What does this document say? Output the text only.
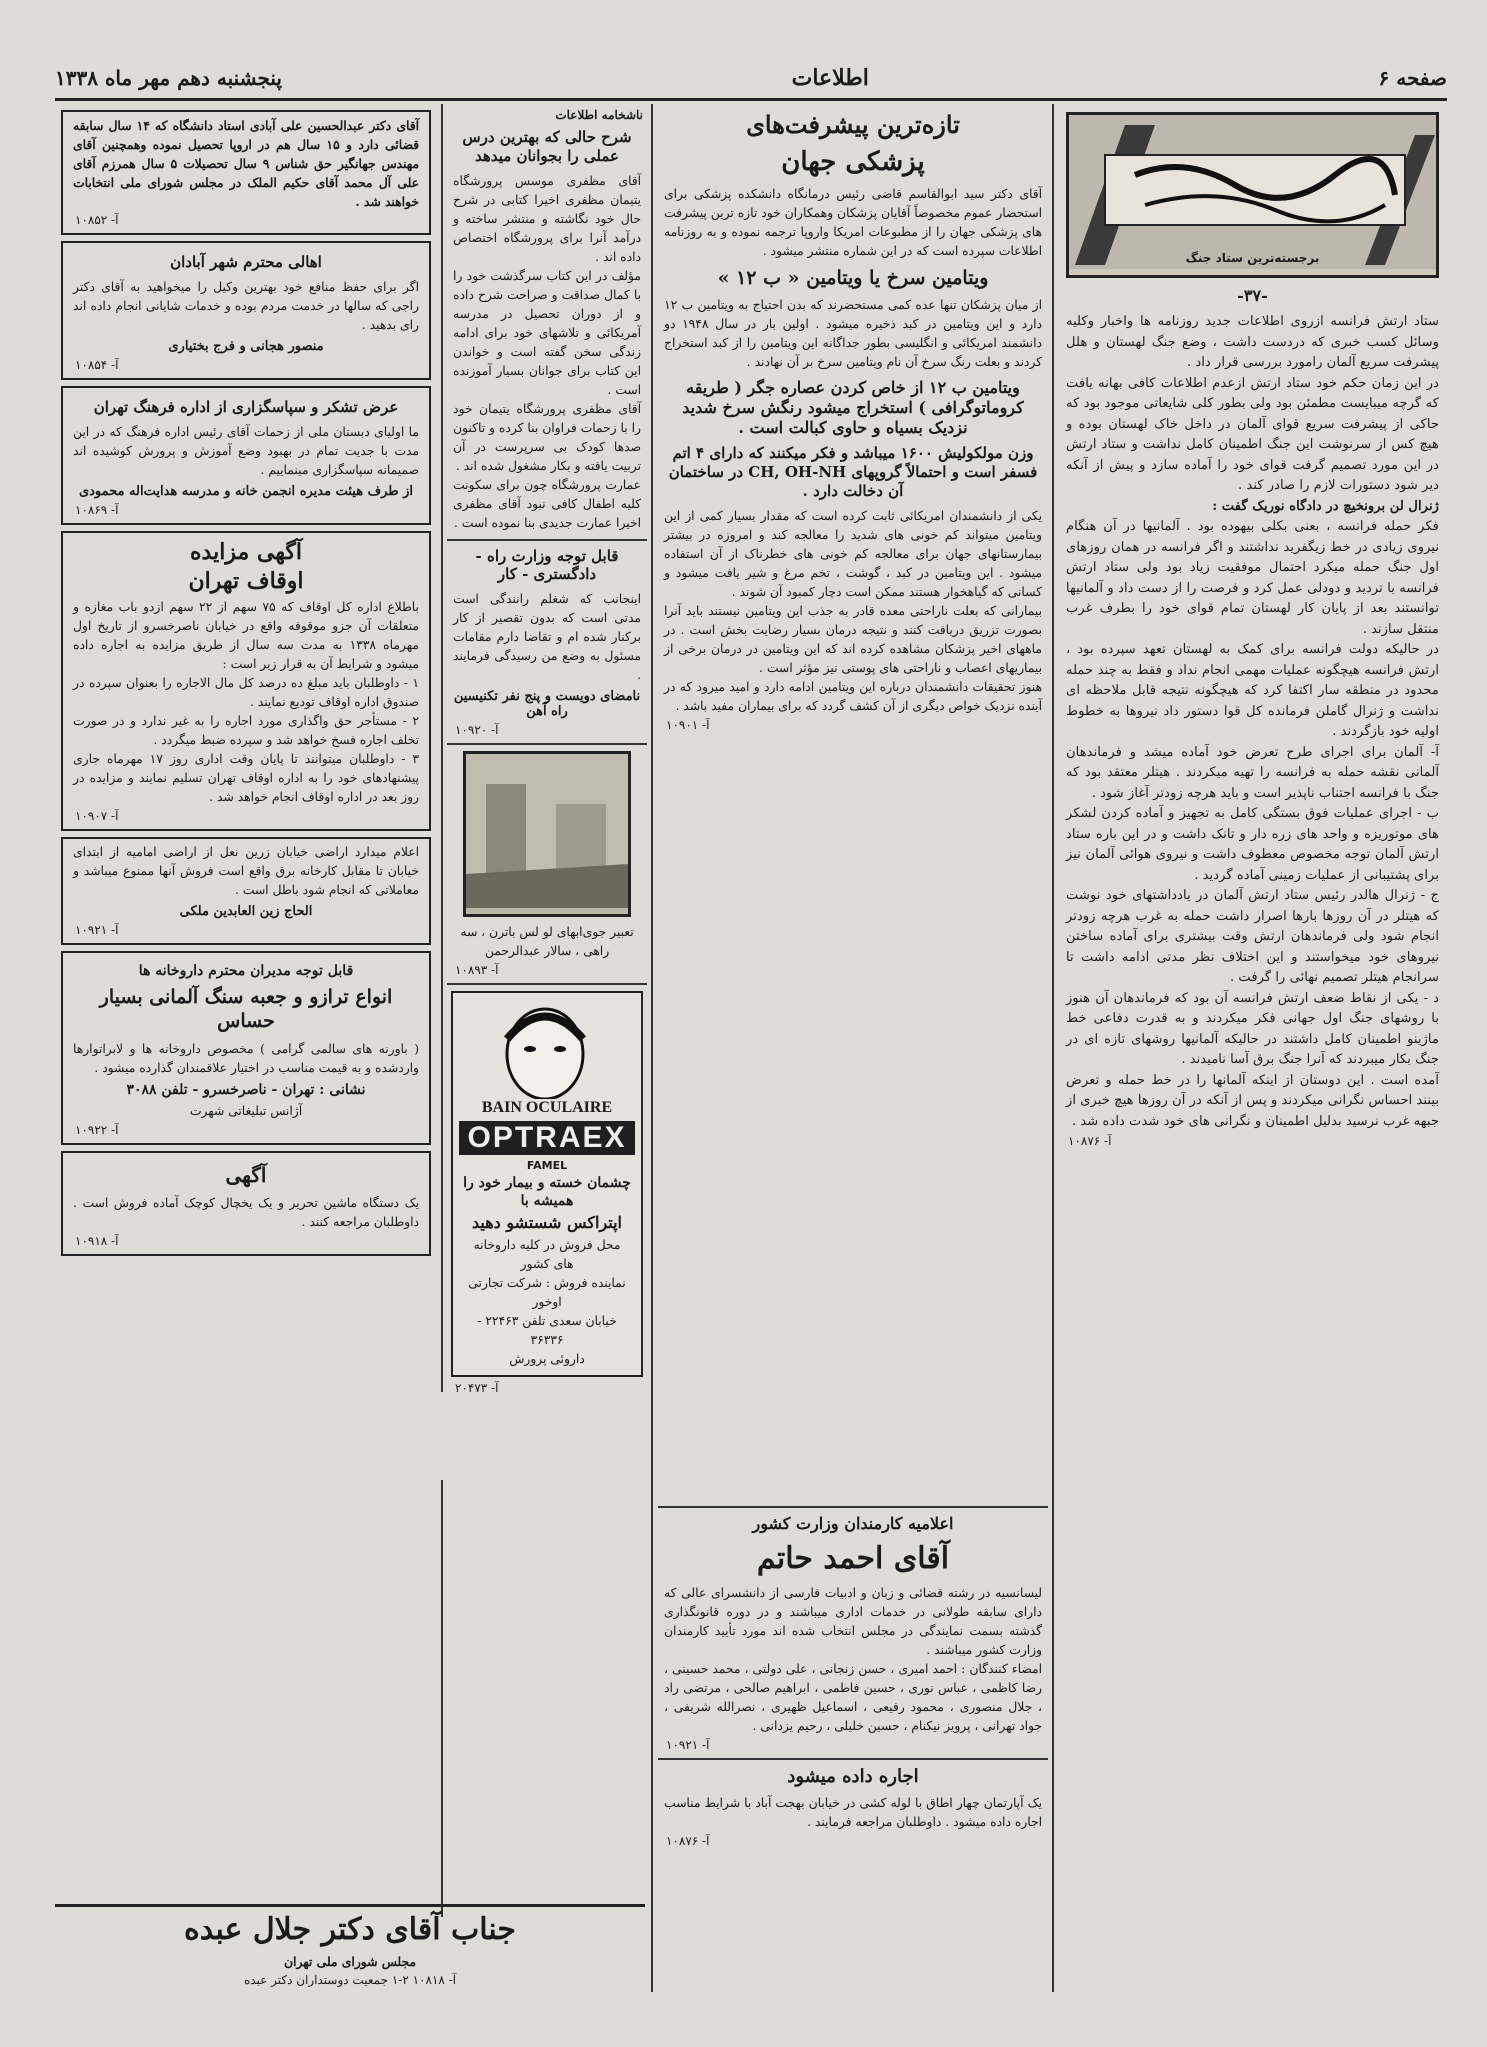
صفحه ۶
اطلاعات
پنجشنبه دهم مهر ماه ۱۳۳۸
برجسته‌ترین ستاد جنگ
-۳۷-

ستاد ارتش فرانسه ازروی اطلاعات جدید روزنامه ها واخبار وکلیه وسائل کسب خبری که دردست داشت ، وضع جنگ لهستان و هلل پیشرفت سریع آلمان رامورد بررسی قرار داد .

در این زمان حکم خود ستاد ارتش ازعدم اطلاعات کافی بهانه یافت که گرچه میبایست مطمئن بود ولی بطور کلی شایعاتی موجود بود که حاکی از پیشرفت سریع قوای آلمان در داخل خاک لهستان بوده و هیچ کس از سرنوشت این جنگ اطمینان کامل نداشت و ستاد ارتش در این مورد تصمیم گرفت قوای خود را آماده سازد و پیش از آنکه دیر شود دستورات لازم را صادر کند .

ژنرال لن برونخیچ در دادگاه نوریک گفت :

فکر حمله فرانسه ، بعنی بکلی بیهوده بود . آلمانیها در آن هنگام نیروی زیادی در خط زیگفرید نداشتند و اگر فرانسه در همان روزهای اول جنگ حمله میکرد احتمال موفقیت زیاد بود ولی ستاد ارتش فرانسه با تردید و دودلی عمل کرد و فرصت را از دست داد و آلمانیها توانستند بعد از پایان کار لهستان تمام قوای خود را بطرف غرب منتقل سازند .

در حالیکه دولت فرانسه برای کمک به لهستان تعهد سپرده بود ، ارتش فرانسه هیچگونه عملیات مهمی انجام نداد و فقط به چند حمله محدود در منطقه سار اکتفا کرد که هیچگونه نتیجه قابل ملاحظه ای نداشت و ژنرال گاملن فرمانده کل قوا دستور داد نیروها به خطوط اولیه خود بازگردند .

آ- آلمان برای اجرای طرح تعرض خود آماده میشد و فرماندهان آلمانی نقشه حمله به فرانسه را تهیه میکردند . هیتلر معتقد بود که جنگ با فرانسه اجتناب ناپذیر است و باید هرچه زودتر آغاز شود .

ب - اجرای عملیات فوق بستگی کامل به تجهیز و آماده کردن لشکر های موتوریزه و واحد های زره دار و تانک داشت و در این باره ستاد ارتش آلمان توجه مخصوص معطوف داشت و نیروی هوائی آلمان نیز برای پشتیبانی از عملیات زمینی آماده گردید .

ج - ژنرال هالدر رئیس ستاد ارتش آلمان در یادداشتهای خود نوشت که هیتلر در آن روزها بارها اصرار داشت حمله به غرب هرچه زودتر انجام شود ولی فرماندهان ارتش وقت بیشتری برای آماده ساختن نیروهای خود میخواستند و این اختلاف نظر مدتی ادامه داشت تا سرانجام هیتلر تصمیم نهائی را گرفت .

د - یکی از نقاط ضعف ارتش فرانسه آن بود که فرماندهان آن هنوز با روشهای جنگ اول جهانی فکر میکردند و به قدرت دفاعی خط ماژینو اطمینان کامل داشتند در حالیکه آلمانیها روشهای تازه ای در جنگ بکار میبردند که آنرا جنگ برق آسا نامیدند .

آمده است . این دوستان از اینکه آلمانها را در خط حمله و تعرض بینند احساس نگرانی میکردند و پس از آنکه در آن روزها هیچ خبری از جبهه غرب نرسید بدلیل اطمینان و نگرانی های خود شدت داده شد .

آ- ۱۰۸۷۶
تازه‌ترین پیشرفت‌های
پزشکی جهان

آقای دکتر سید ابوالقاسم قاضی رئیس درمانگاه دانشکده پزشکی برای استحضار عموم مخصوصاً آقایان پزشکان وهمکاران خود تازه ترین پیشرفت های پزشکی جهان را از مطبوعات امریکا واروپا ترجمه نموده و به روزنامه اطلاعات سپرده است که در این شماره منتشر میشود .

ویتامین سرخ یا ویتامین « ب ۱۲ »

از میان پزشکان تنها عده کمی مستحضرند که بدن احتیاج به ویتامین ب ۱۲ دارد و این ویتامین در کبد ذخیره میشود . اولین بار در سال ۱۹۴۸ دو دانشمند امریکائی و انگلیسی بطور جداگانه این ویتامین را از کبد استخراج کردند و بعلت رنگ سرخ آن نام ویتامین سرخ بر آن نهادند .

ویتامین ب ۱۲ از خاص کردن عصاره جگر ( طریقه کروماتوگرافی ) استخراج میشود رنگش سرخ شدید نزدیک بسیاه و حاوی کبالت است .
وزن مولکولیش ۱۶۰۰ میباشد و فکر میکنند که دارای ۴ اتم فسفر است و احتمالاً گروپهای CH, OH-NH در ساختمان آن دخالت دارد .

یکی از دانشمندان امریکائی ثابت کرده است که مقدار بسیار کمی از این ویتامین میتواند کم خونی های شدید را معالجه کند و امروزه در بیشتر بیمارستانهای جهان برای معالجه کم خونی های خطرناک از آن استفاده میشود . این ویتامین در کبد ، گوشت ، تخم مرغ و شیر یافت میشود و کسانی که گیاهخوار هستند ممکن است دچار کمبود آن شوند .

بیمارانی که بعلت ناراحتی معده قادر به جذب این ویتامین نیستند باید آنرا بصورت تزریق دریافت کنند و نتیجه درمان بسیار رضایت بخش است . در ماههای اخیر پزشکان مشاهده کرده اند که این ویتامین در درمان برخی از بیماریهای اعصاب و ناراحتی های پوستی نیز مؤثر است .

هنوز تحقیقات دانشمندان درباره این ویتامین ادامه دارد و امید میرود که در آینده نزدیک خواص دیگری از آن کشف گردد که برای بیماران مفید باشد .

آ- ۱۰۹۰۱
ناشخامه اطلاعات
شرح حالی که بهترین درس عملی را بجوانان میدهد

آقای مظفری موسس پرورشگاه یتیمان مظفری اخیرا کتابی در شرح حال خود نگاشته و منتشر ساخته و درآمد آنرا برای پرورشگاه اختصاص داده اند .

مؤلف در این کتاب سرگذشت خود را با کمال صداقت و صراحت شرح داده و از دوران تحصیل در مدرسه آمریکائی و تلاشهای خود برای ادامه زندگی سخن گفته است و خواندن این کتاب برای جوانان بسیار آموزنده است .

آقای مظفری پرورشگاه یتیمان خود را با زحمات فراوان بنا کرده و تاکنون صدها کودک بی سرپرست در آن تربیت یافته و بکار مشغول شده اند .

عمارت پرورشگاه چون برای سکونت کلیه اطفال کافی نبود آقای مظفری اخیرا عمارت جدیدی بنا نموده است .

قابل توجه وزارت راه - دادگستری - کار

اینجانب که شغلم رانندگی است مدتی است که بدون تقصیر از کار برکنار شده ام و تقاضا دارم مقامات مسئول به وضع من رسیدگی فرمایند .

نامضای دویست و پنج نفر تکنیسین راه آهن
آ- ۱۰۹۲۰
تعبیر جوی‌ابهای لو لس باترن ، سه راهی ، سالار عبدالرحمن
آ- ۱۰۸۹۳
BAIN OCULAIRE
OPTRAEX
FAMEL
چشمان خسته و بیمار خود را همیشه با
اپتراکس شستشو دهید
محل فروش در کلیه داروخانه های کشور
نماینده فروش : شرکت تجارتی اوخور
خیابان سعدی تلفن ۲۲۴۶۳ - ۳۶۳۳۶
داروئی پرورش
آ- ۲۰۴۷۳

آقای دکتر عبدالحسین علی آبادی استاد دانشگاه که ۱۴ سال سابقه قضائی دارد و ۱۵ سال هم در اروپا تحصیل نموده وهمچنین آقای مهندس جهانگیر حق شناس ۹ سال تحصیلات ۵ سال همرزم آقای علی آل محمد آقای حکیم الملک در مجلس شورای ملی انتخابات خواهند شد .

آ- ۱۰۸۵۲
اهالی محترم شهر آبادان

اگر برای حفظ منافع خود بهترین وکیل را میخواهید به آقای دکتر راجی که سالها در خدمت مردم بوده و خدمات شایانی انجام داده اند رای بدهید .

منصور هجانی و فرج بختیاری
آ- ۱۰۸۵۴
عرض تشکر و سپاسگزاری از اداره فرهنگ تهران

ما اولیای دبستان ملی از زحمات آقای رئیس اداره فرهنگ که در این مدت با جدیت تمام در بهبود وضع آموزش و پرورش کوشیده اند صمیمانه سپاسگزاری مینماییم .

از طرف هیئت مدیره انجمن خانه و مدرسه هدایت‌اله محمودی
آ- ۱۰۸۶۹
آگهی مزایده
اوقاف تهران

باطلاع اداره کل اوقاف که ۷۵ سهم از ۲۲ سهم ازدو باب مغازه و متعلقات آن جزو موقوفه واقع در خیابان ناصرخسرو از تاریخ اول مهرماه ۱۳۳۸ به مدت سه سال از طریق مزایده به اجاره داده میشود و شرایط آن به قرار زیر است :

۱ - داوطلبان باید مبلغ ده درصد کل مال الاجاره را بعنوان سپرده در صندوق اداره اوقاف تودیع نمایند .

۲ - مستأجر حق واگذاری مورد اجاره را به غیر ندارد و در صورت تخلف اجاره فسخ خواهد شد و سپرده ضبط میگردد .

۳ - داوطلبان میتوانند تا پایان وقت اداری روز ۱۷ مهرماه جاری پیشنهادهای خود را به اداره اوقاف تهران تسلیم نمایند و مزایده در روز بعد در اداره اوقاف انجام خواهد شد .

آ- ۱۰۹۰۷

اعلام میدارد اراضی خیابان زرین نعل از اراضی امامیه از ابتدای خیابان تا مقابل کارخانه برق واقع است فروش آنها ممنوع میباشد و معاملاتی که انجام شود باطل است .

الحاج زین العابدین ملکی
آ- ۱۰۹۲۱
قابل توجه مدیران محترم داروخانه ها
انواع ترازو و جعبه سنگ آلمانی بسیار حساس

( باورنه های سالمی گرامی ) مخصوص داروخانه ها و لابراتوارها واردشده و به قیمت مناسب در اختیار علاقمندان گذارده میشود .

نشانی : تهران - ناصرخسرو - تلفن ۳۰۸۸
آژانس تبلیغاتی شهرت
آ- ۱۰۹۲۲
آگهی

یک دستگاه ماشین تحریر و یک یخچال کوچک آماده فروش است . داوطلبان مراجعه کنند .

آ- ۱۰۹۱۸
اعلامیه کارمندان وزارت کشور
آقای احمد حاتم

لیسانسیه در رشته قضائی و زبان و ادبیات فارسی از دانشسرای عالی که دارای سابقه طولانی در خدمات اداری میباشند و در دوره قانونگذاری گذشته بسمت نمایندگی در مجلس انتخاب شده اند مورد تأیید کارمندان وزارت کشور میباشند .

امضاء کنندگان : احمد امیری ، حسن زنجانی ، علی دولتی ، محمد حسینی ، رضا کاظمی ، عباس نوری ، حسین فاطمی ، ابراهیم صالحی ، مرتضی راد ، جلال منصوری ، محمود رفیعی ، اسماعیل ظهیری ، نصرالله شریفی ، جواد تهرانی ، پرویز نیکنام ، حسین خلیلی ، رحیم یزدانی .

آ- ۱۰۹۲۱
اجاره داده میشود

یک آپارتمان چهار اطاق با لوله کشی در خیابان بهجت آباد با شرایط مناسب اجاره داده میشود . داوطلبان مراجعه فرمایند .

آ- ۱۰۸۷۶
جناب آقای دکتر جلال عبده
مجلس شورای ملی تهران
آ- ۱۰۸۱۸ ۲-۱ جمعیت دوستداران دکتر عبده
